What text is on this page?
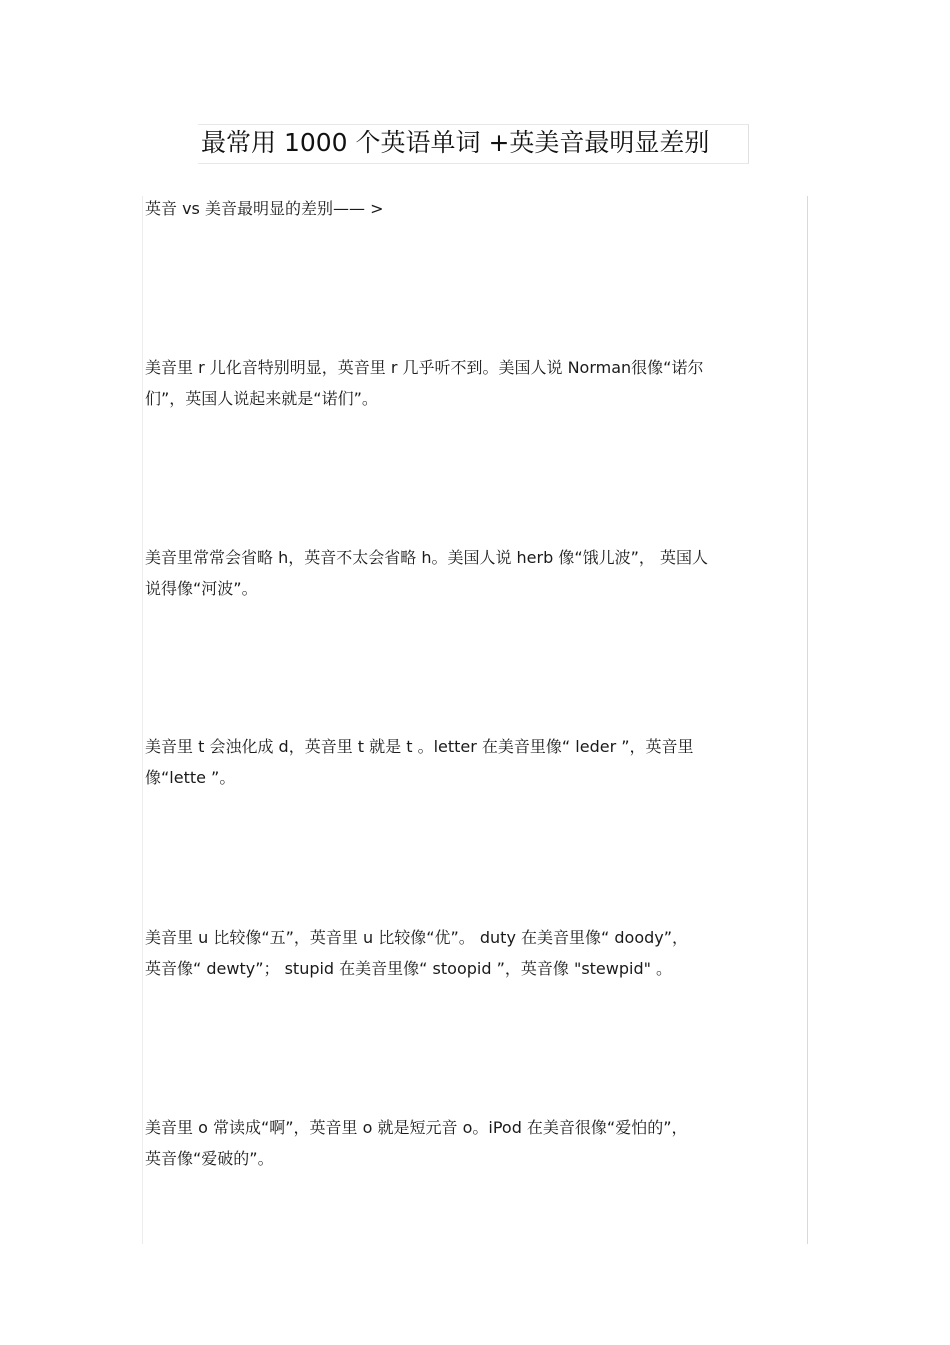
最常用 1000 个英语单词 +英美音最明显差别
英音 vs 美音最明显的差别—— >
美音里 r 儿化音特别明显，英音里 r 几乎听不到。美国人说 Norman很像“诺尔
们”，英国人说起来就是“诺们”。
美音里常常会省略 h，英音不太会省略 h。美国人说 herb 像“饿儿波”， 英国人
说得像“河波”。
美音里 t 会浊化成 d，英音里 t 就是 t 。letter 在美音里像“ leder ”，英音里
像“lette ”。
美音里 u 比较像“五”，英音里 u 比较像“优”。 duty 在美音里像“ doody”，
英音像“ dewty”； stupid 在美音里像“ stoopid ”，英音像 "stewpid" 。
美音里 o 常读成“啊”，英音里 o 就是短元音 o。iPod 在美音很像“爱怕的”，
英音像“爱破的”。
